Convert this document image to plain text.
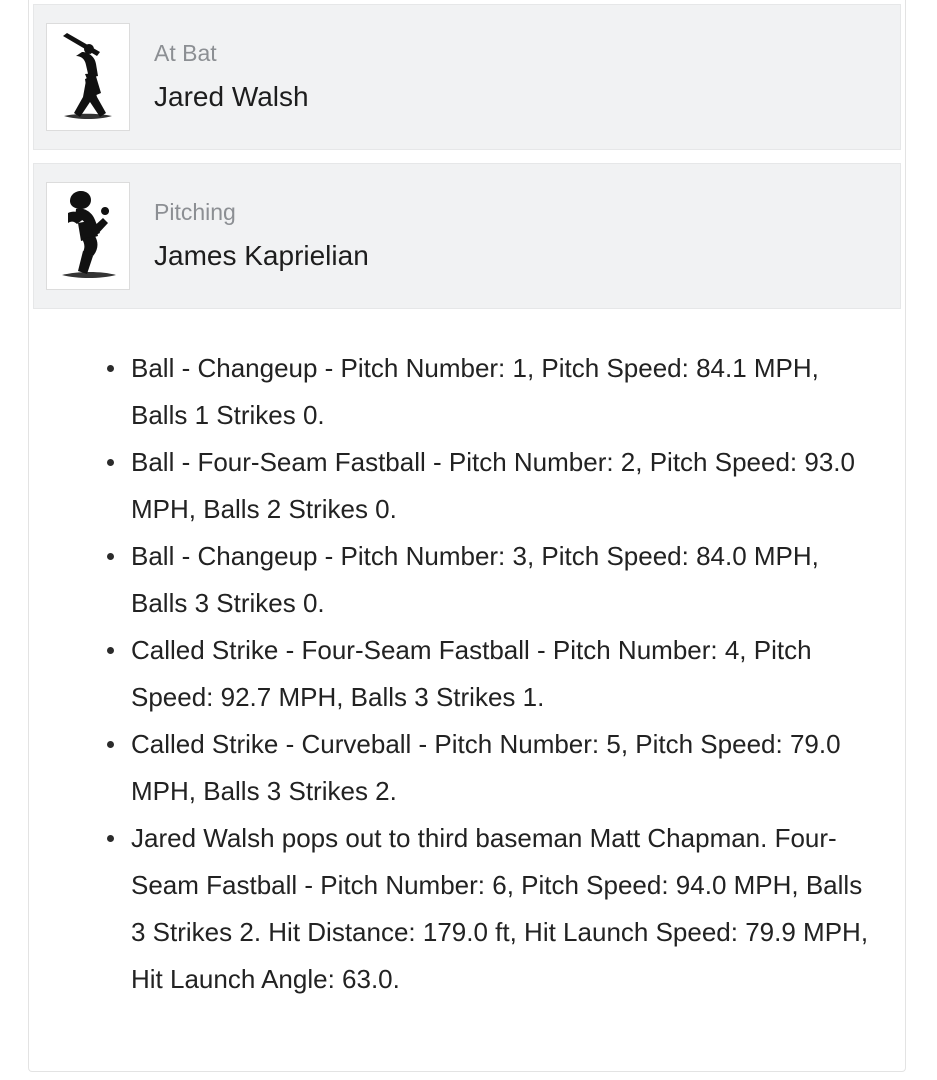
At Bat
Jared Walsh
Pitching
James Kaprielian
Ball - Changeup - Pitch Number: 1, Pitch Speed: 84.1 MPH, Balls 1 Strikes 0.
Ball - Four-Seam Fastball - Pitch Number: 2, Pitch Speed: 93.0 MPH, Balls 2 Strikes 0.
Ball - Changeup - Pitch Number: 3, Pitch Speed: 84.0 MPH, Balls 3 Strikes 0.
Called Strike - Four-Seam Fastball - Pitch Number: 4, Pitch Speed: 92.7 MPH, Balls 3 Strikes 1.
Called Strike - Curveball - Pitch Number: 5, Pitch Speed: 79.0 MPH, Balls 3 Strikes 2.
Jared Walsh pops out to third baseman Matt Chapman. Four-Seam Fastball - Pitch Number: 6, Pitch Speed: 94.0 MPH, Balls 3 Strikes 2. Hit Distance: 179.0 ft, Hit Launch Speed: 79.9 MPH, Hit Launch Angle: 63.0.
